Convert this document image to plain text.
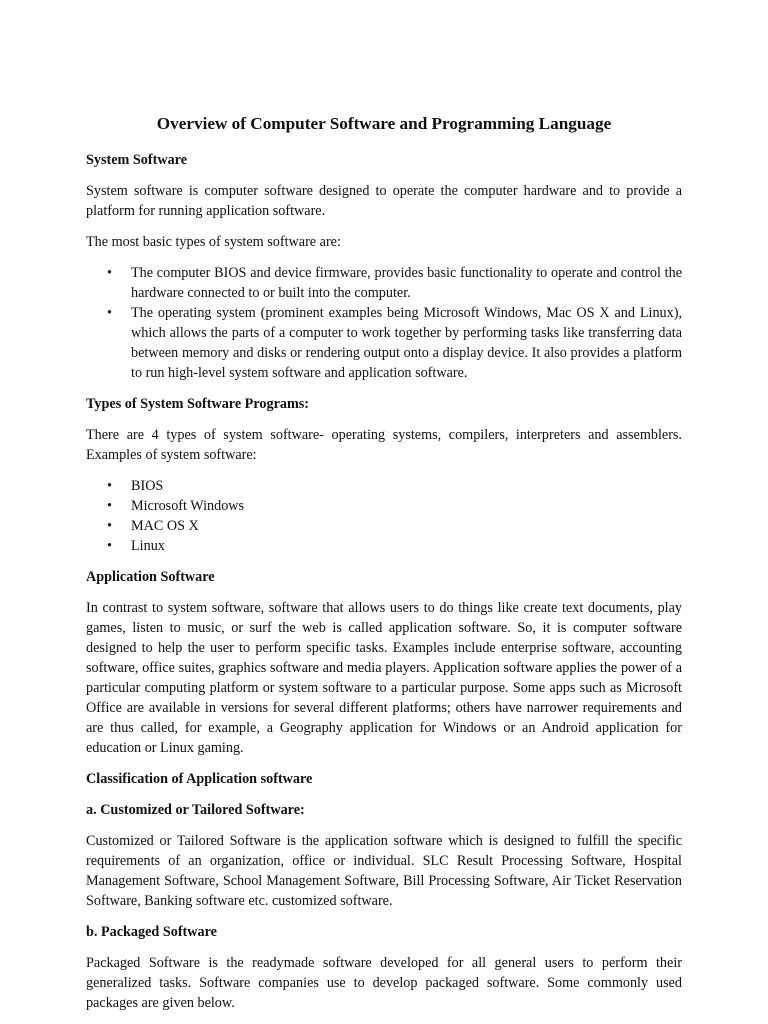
Overview of Computer Software and Programming Language
System Software
System software is computer software designed to operate the computer hardware and to provide a platform for running application software.
The most basic types of system software are:
• The computer BIOS and device firmware, provides basic functionality to operate and control the hardware connected to or built into the computer.
• The operating system (prominent examples being Microsoft Windows, Mac OS X and Linux), which allows the parts of a computer to work together by performing tasks like transferring data between memory and disks or rendering output onto a display device. It also provides a platform to run high-level system software and application software.
Types of System Software Programs:
There are 4 types of system software- operating systems, compilers, interpreters and assemblers. Examples of system software:
• BIOS
• Microsoft Windows
• MAC OS X
• Linux
Application Software
In contrast to system software, software that allows users to do things like create text documents, play games, listen to music, or surf the web is called application software. So, it is computer software designed to help the user to perform specific tasks. Examples include enterprise software, accounting software, office suites, graphics software and media players. Application software applies the power of a particular computing platform or system software to a particular purpose. Some apps such as Microsoft Office are available in versions for several different platforms; others have narrower requirements and are thus called, for example, a Geography application for Windows or an Android application for education or Linux gaming.
Classification of Application software
a. Customized or Tailored Software:
Customized or Tailored Software is the application software which is designed to fulfill the specific requirements of an organization, office or individual. SLC Result Processing Software, Hospital Management Software, School Management Software, Bill Processing Software, Air Ticket Reservation Software, Banking software etc. customized software.
b. Packaged Software
Packaged Software is the readymade software developed for all general users to perform their generalized tasks. Software companies use to develop packaged software. Some commonly used packages are given below.
